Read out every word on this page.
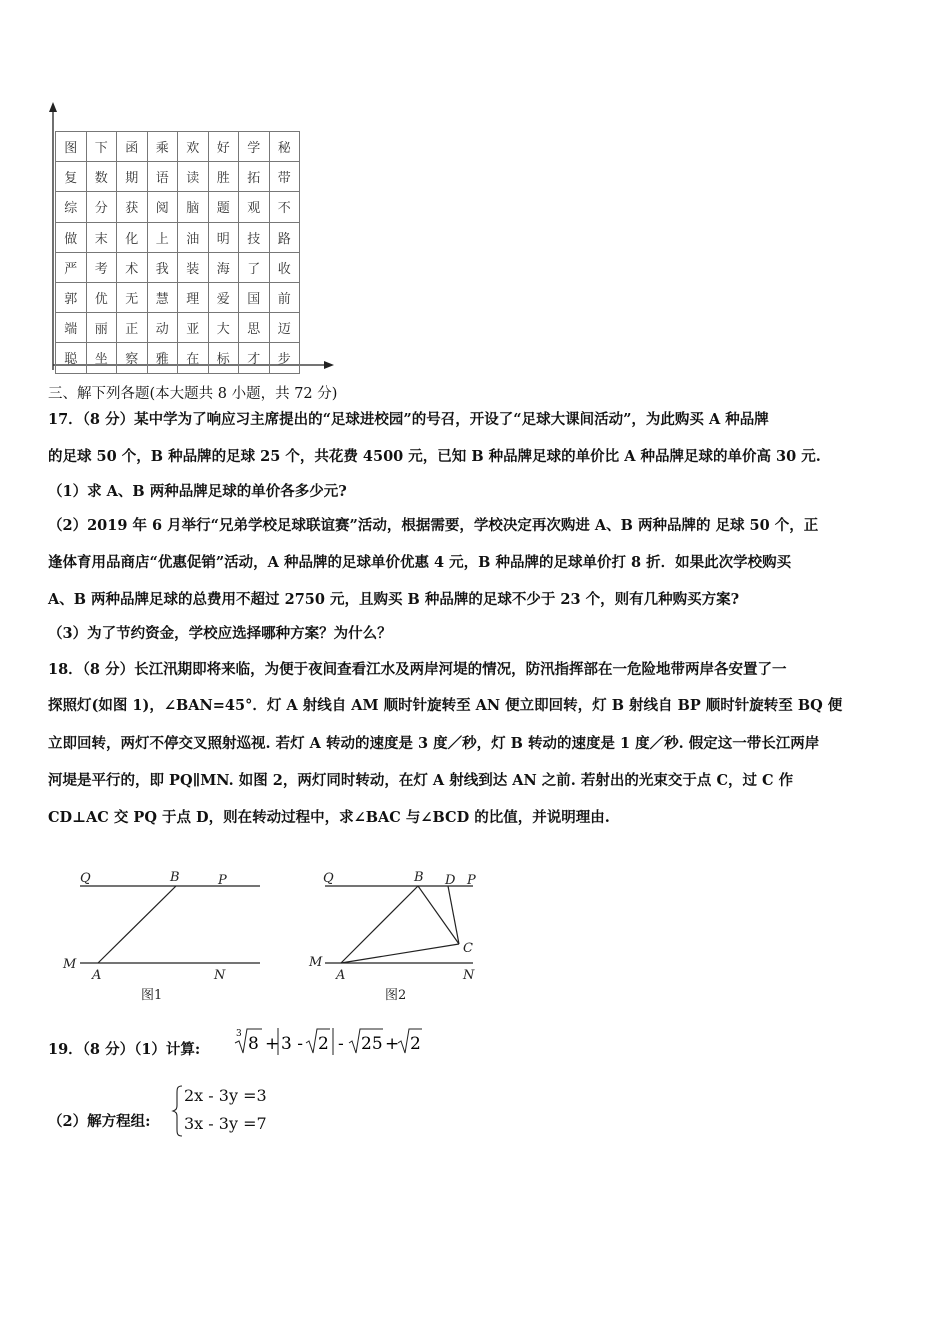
图	下	函	乘	欢	好	学	秘
复	数	期	语	读	胜	拓	带
综	分	获	阅	脑	题	观	不
做	末	化	上	油	明	技	路
严	考	术	我	装	海	了	收
郭	优	无	慧	理	爱	国	前
端	丽	正	动	亚	大	思	迈
聪	坐	察	雅	在	标	才	步
三、解下列各题(本大题共 8 小题，共 72 分)
17．（8 分）某中学为了响应习主席提出的“足球进校园”的号召，开设了“足球大课间活动”，为此购买 A 种品牌
的足球 50 个，B 种品牌的足球 25 个，共花费 4500 元，已知 B 种品牌足球的单价比 A 种品牌足球的单价高 30 元.
（1）求 A、B 两种品牌足球的单价各多少元?
（2）2019 年 6 月举行“兄弟学校足球联谊赛”活动，根据需要，学校决定再次购进 A、B 两种品牌的 足球 50 个，正
逢体育用品商店“优惠促销”活动，A 种品牌的足球单价优惠 4 元，B 种品牌的足球单价打 8 折．如果此次学校购买
A、B 两种品牌足球的总费用不超过 2750 元，且购买 B 种品牌的足球不少于 23 个，则有几种购买方案?
（3）为了节约资金，学校应选择哪种方案？为什么？
18．（8 分）长江汛期即将来临，为便于夜间查看江水及两岸河堤的情况，防汛指挥部在一危险地带两岸各安置了一
探照灯(如图 1)，∠BAN=45°．灯 A 射线自 AM 顺时针旋转至 AN 便立即回转，灯 B 射线自 BP 顺时针旋转至 BQ 便
立即回转，两灯不停交叉照射巡视. 若灯 A 转动的速度是 3 度／秒，灯 B 转动的速度是 1 度／秒. 假定这一带长江两岸
河堤是平行的，即 PQ∥MN. 如图 2，两灯同时转动，在灯 A 射线到达 AN 之前. 若射出的光束交于点 C，过 C 作
CD⊥AC 交 PQ 于点 D，则在转动过程中，求∠BAC 与∠BCD 的比值，并说明理由.
Q	B	P
M
A	N
图1
Q	B D P
M
A
C
N
图2
19．（8 分）（1）计算:
3 8 + 3 - 2 - 25 + 2
（2）解方程组:
2x - 3y =3
3x - 3y =7
